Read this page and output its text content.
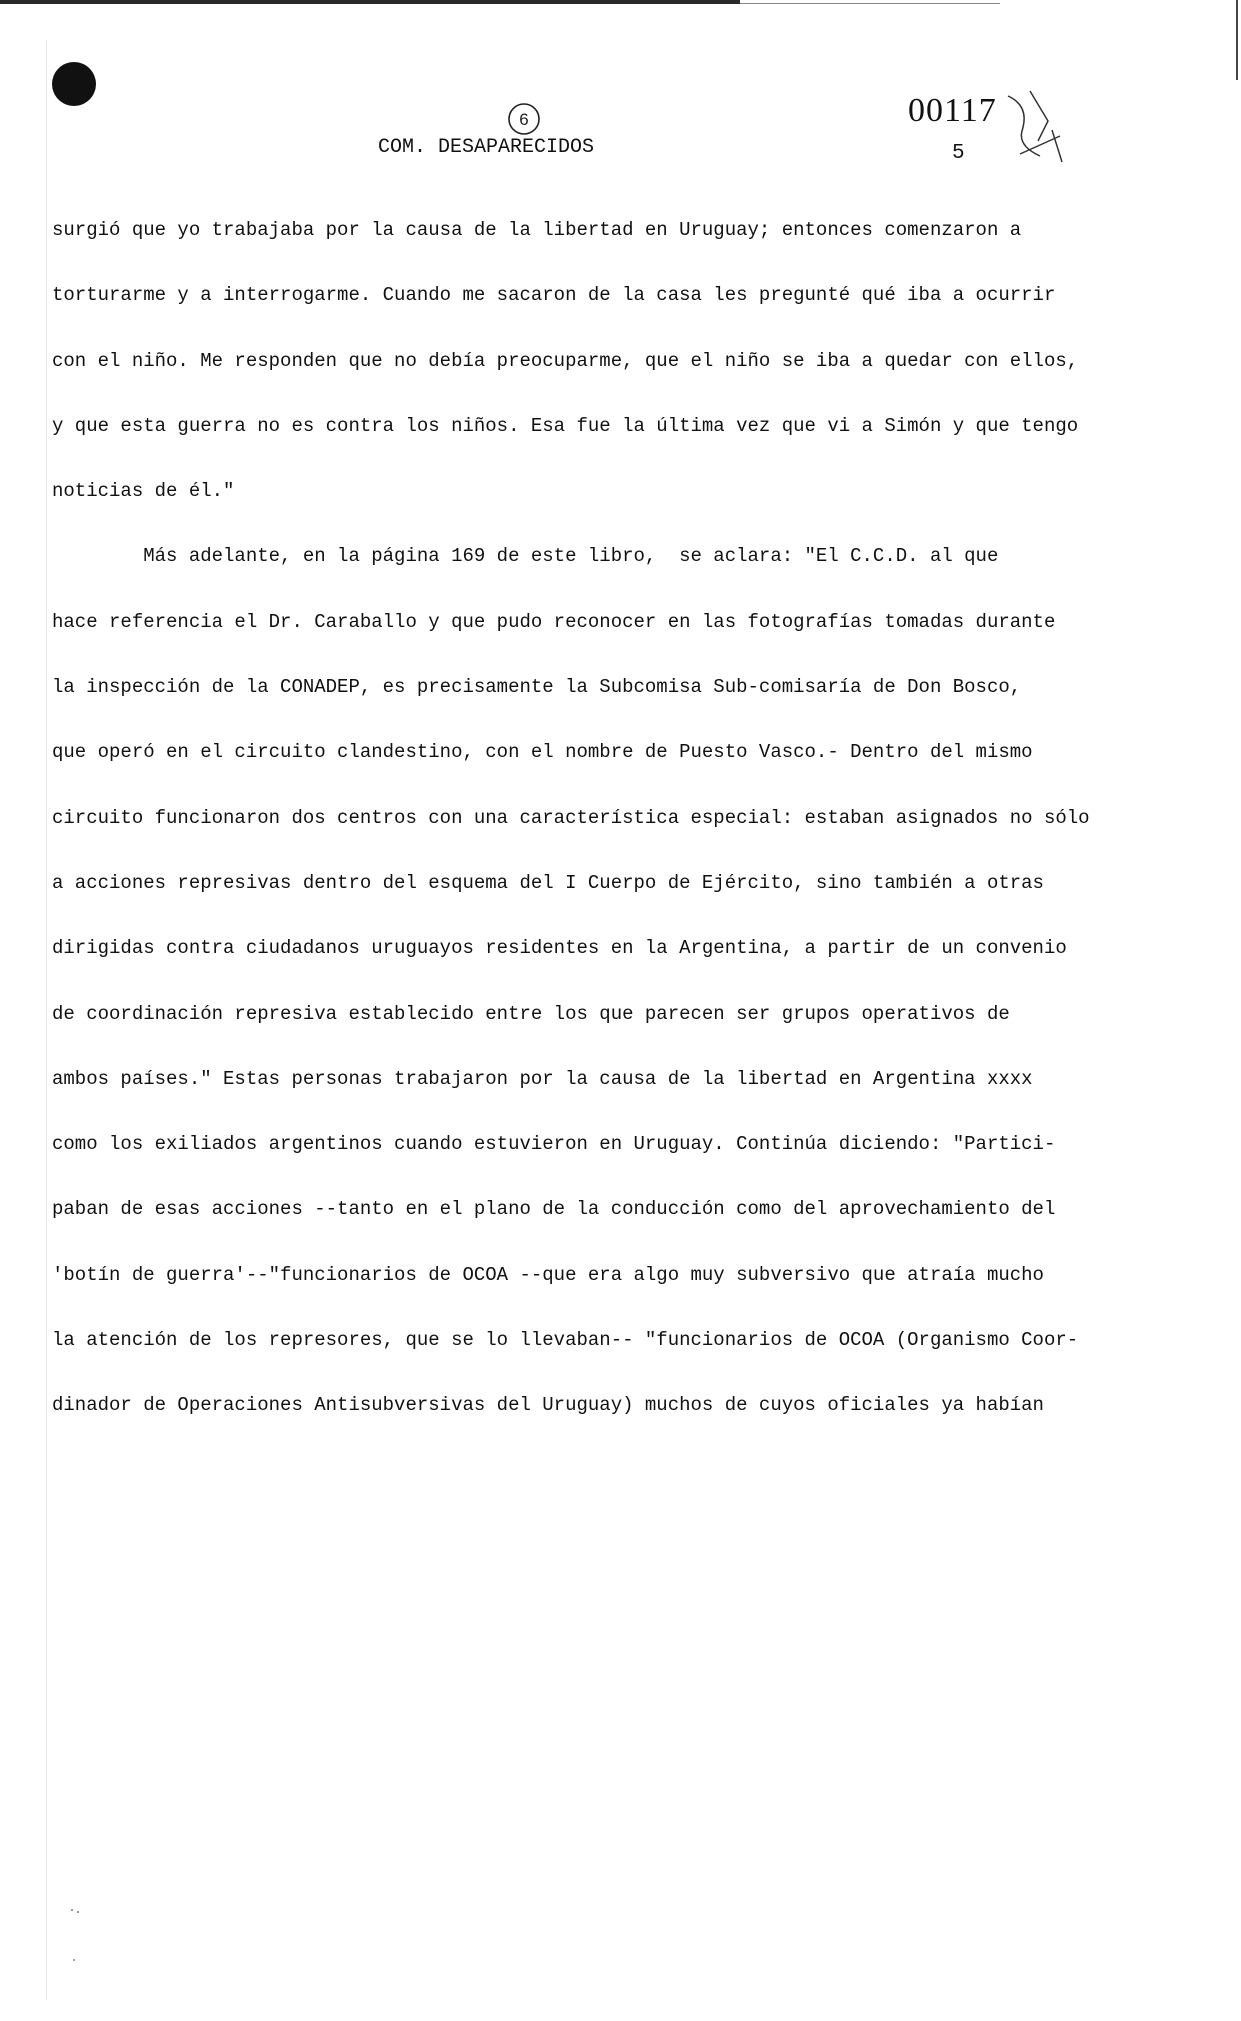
6
COM. DESAPARECIDOS
00117
5
surgió que yo trabajaba por la causa de la libertad en Uruguay; entonces comenzaron a
torturarme y a interrogarme. Cuando me sacaron de la casa les pregunté qué iba a ocurrir
con el niño. Me responden que no debía preocuparme, que el niño se iba a quedar con ellos,
y que esta guerra no es contra los niños. Esa fue la última vez que vi a Simón y que tengo
noticias de él."
Más adelante, en la página 169 de este libro,  se aclara: "El C.C.D. al que
hace referencia el Dr. Caraballo y que pudo reconocer en las fotografías tomadas durante
la inspección de la CONADEP, es precisamente la Subcomisa Sub-comisaría de Don Bosco,
que operó en el circuito clandestino, con el nombre de Puesto Vasco.- Dentro del mismo
circuito funcionaron dos centros con una característica especial: estaban asignados no sólo
a acciones represivas dentro del esquema del I Cuerpo de Ejército, sino también a otras
dirigidas contra ciudadanos uruguayos residentes en la Argentina, a partir de un convenio
de coordinación represiva establecido entre los que parecen ser grupos operativos de
ambos países." Estas personas trabajaron por la causa de la libertad en Argentina xxxx
como los exiliados argentinos cuando estuvieron en Uruguay. Continúa diciendo: "Partici-
paban de esas acciones --tanto en el plano de la conducción como del aprovechamiento del
'botín de guerra'--"funcionarios de OCOA --que era algo muy subversivo que atraía mucho
la atención de los represores, que se lo llevaban-- "funcionarios de OCOA (Organismo Coor-
dinador de Operaciones Antisubversivas del Uruguay) muchos de cuyos oficiales ya habían
